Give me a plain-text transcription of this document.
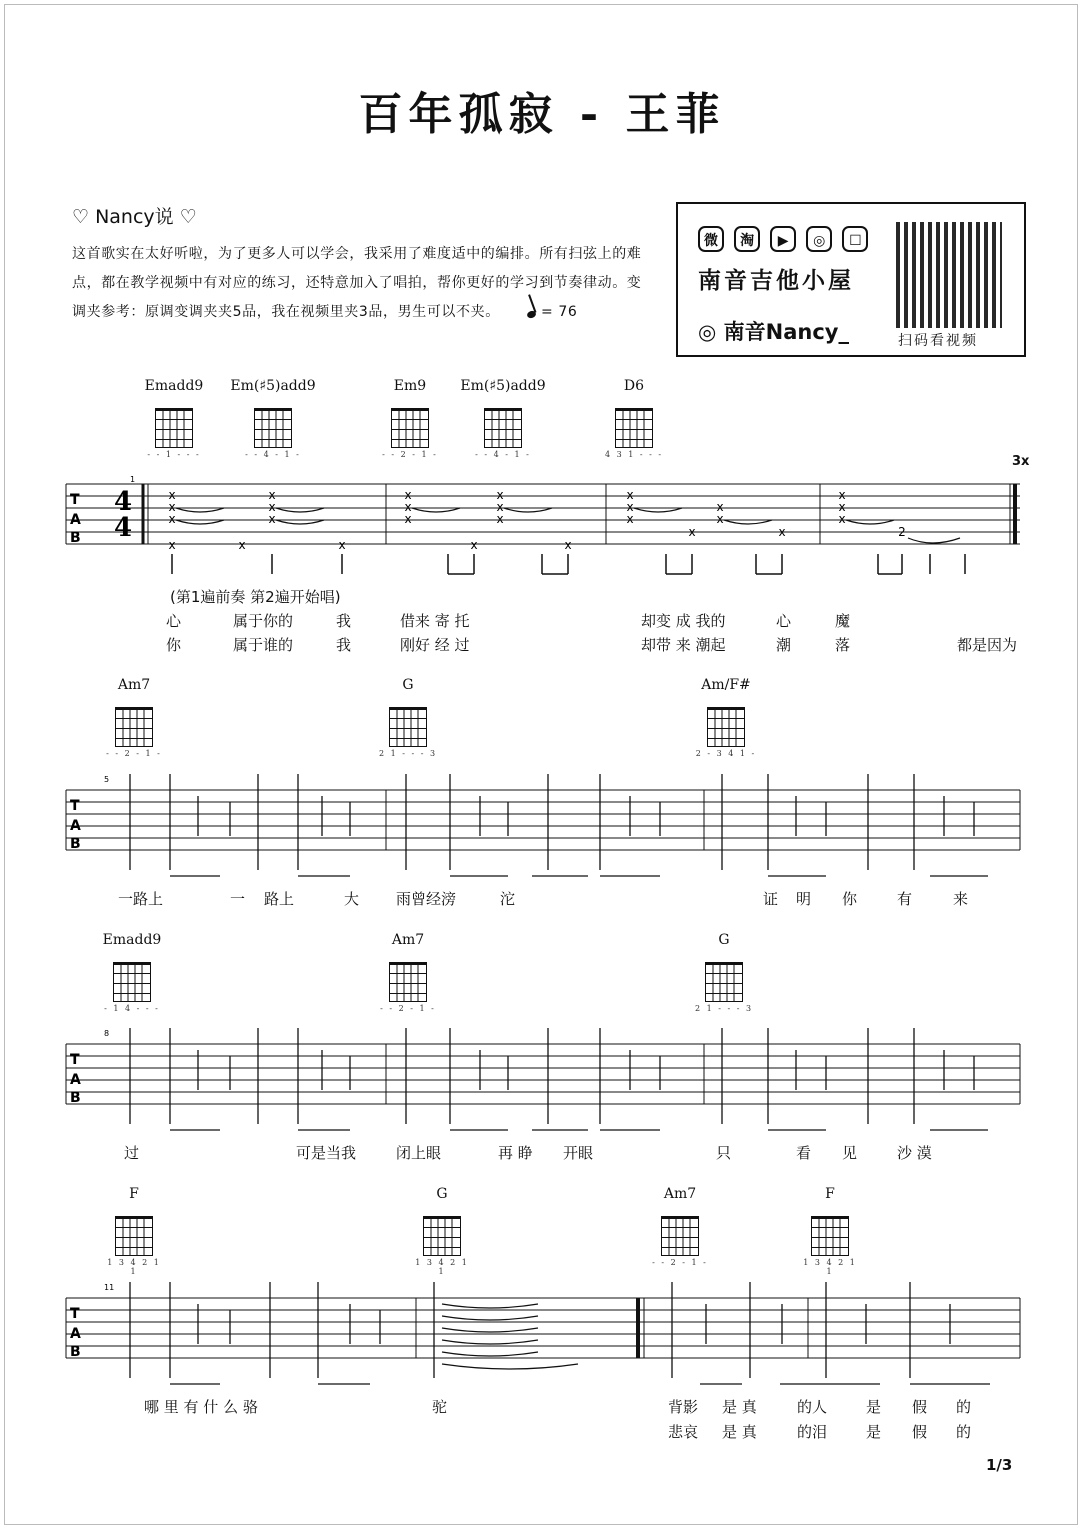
百年孤寂 - 王菲
♡ Nancy说 ♡
这首歌实在太好听啦，为了更多人可以学会，我采用了难度适中的编排。所有扫弦上的难点，都在教学视频中有对应的练习，还特意加入了唱拍，帮你更好的学习到节奏律动。变调夹参考：原调变调夹夹5品，我在视频里夹3品，男生可以不夹。	= 76
微 淘 ▶ ◎ ☐
南音吉他小屋
◎ 南音Nancy_	扫码看视频
3x
Emadd9
- - 1 - - -
Em(♯5)add9
- - 4 - 1 -
Em9
- - 2 - 1 -
Em(♯5)add9
- - 4 - 1 -
D6
4 3 1 - - -
T
A
B
4
4
1
x
x
x
x
x
x
x
x	x
x
x
x
x
x
x
x
x
x
x
x
x
x
x
x
x
x
x
2
(第1遍前奏 第2遍开始唱)
心	属于你的	我	借来 寄 托	却变 成 我的	心	魔
你	属于谁的	我	刚好 经 过	却带 来 潮起	潮	落	都是因为
Am7
- - 2 - 1 -
G
2 1 - - - 3
Am/F#
2 - 3 4 1 -
T
A
B
5
一路上	一 路上	大 雨曾经滂	沱	证 明 你	有	来
Emadd9
- 1 4 - - -
Am7
- - 2 - 1 -
G
2 1 - - - 3
T
A
B
8
过	可是当我	闭上眼	再 睁 开眼	只	看 见	沙 漠
F
1 3 4 2 1 1
G
1 3 4 2 1 1
Am7
- - 2 - 1 -
F
1 3 4 2 1 1
T
A
B
11
哪 里 有 什 么 骆	驼	背影 是 真	的人	是 假 的
悲哀 是 真	的泪	是 假 的
1/3
